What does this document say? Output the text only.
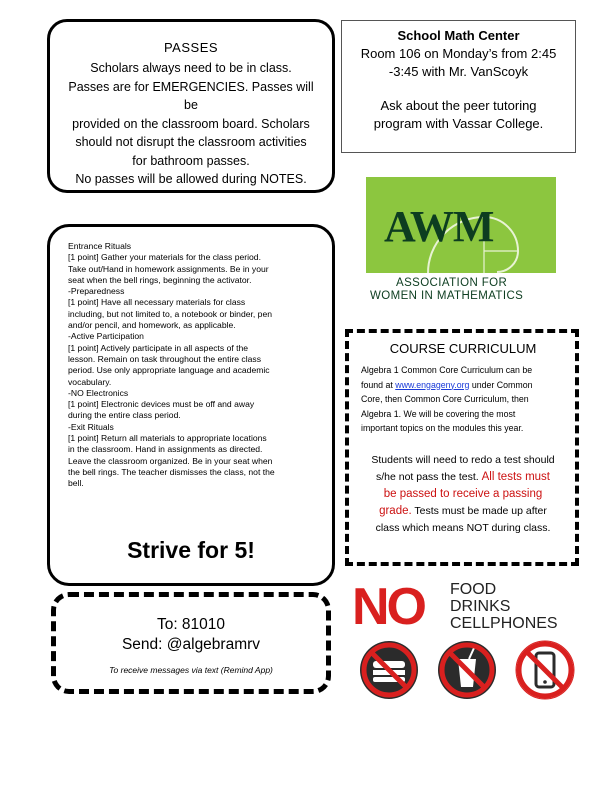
PASSES
Scholars always need to be in class.
Passes are for EMERGENCIES. Passes will be
provided on the classroom board. Scholars
should not disrupt the classroom activities
for bathroom passes.
No passes will be allowed during NOTES.
School Math Center
Room 106 on Monday’s from 2:45
-3:45 with Mr. VanScoyk
Ask about the peer tutoring
program with Vassar College.
AWM
ASSOCIATION FOR
WOMEN IN MATHEMATICS
Entrance Rituals
[1 point] Gather your materials for the class period.
Take out/Hand in homework assignments. Be in your
seat when the bell rings, beginning the activator.
-Preparedness
[1 point] Have all necessary materials for class
including, but not limited to, a notebook or binder, pen
and/or pencil, and homework, as applicable.
-Active Participation
[1 point] Actively participate in all aspects of the
lesson. Remain on task throughout the entire class
period. Use only appropriate language and academic
vocabulary.
-NO Electronics
[1 point] Electronic devices must be off and away
during the entire class period.
-Exit Rituals
[1 point] Return all materials to appropriate locations
in the classroom. Hand in assignments as directed.
Leave the classroom organized. Be in your seat when
the bell rings. The teacher dismisses the class, not the
bell.
Strive for 5!
COURSE CURRICULUM
Algebra 1 Common Core Curriculum can be
found at www.engageny.org under Common
Core, then Common Core Curriculum, then
Algebra 1. We will be covering the most
important topics on the modules this year.
Students will need to redo a test should
s/he not pass the test. All tests must
be passed to receive a passing
grade. Tests must be made up after
class which means NOT during class.
To: 81010
Send: @algebramrv
To receive messages via text (Remind App)
NO FOOD
DRINKS
CELLPHONES
